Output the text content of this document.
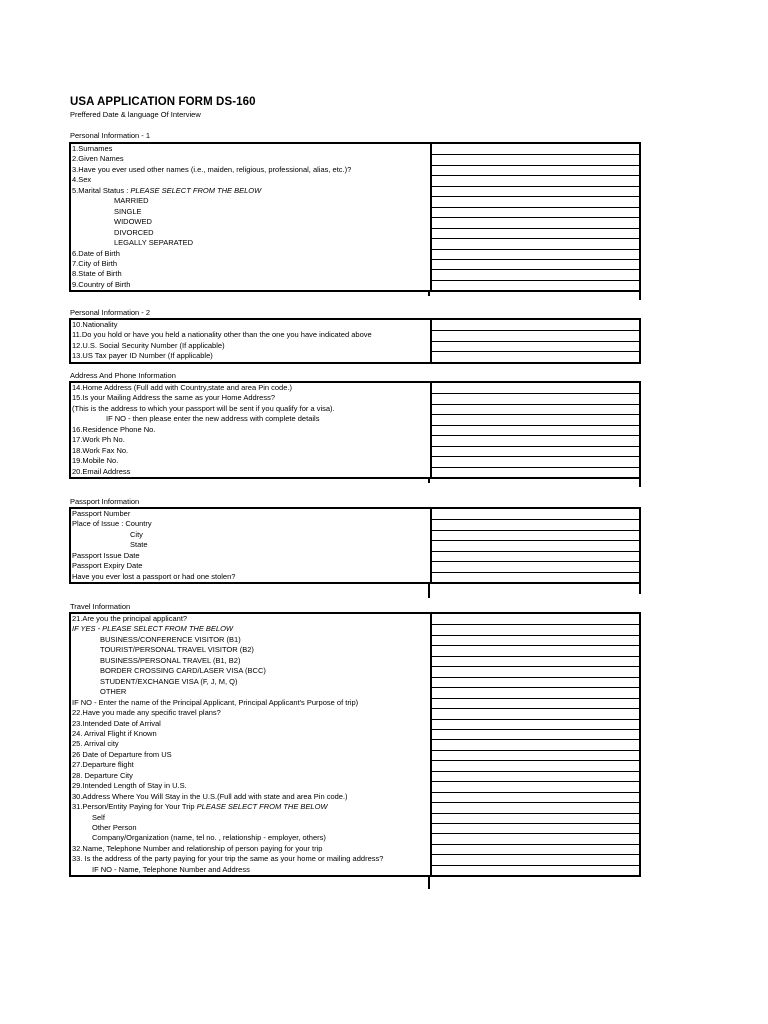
USA APPLICATION FORM DS-160
Preffered Date & language Of Interview
Personal Information - 1
1.Surnames
2.Given Names
3.Have you ever used other names (i.e., maiden, religious, professional, alias, etc.)?
4.Sex
5.Marital Status : PLEASE SELECT FROM THE BELOW
MARRIED
SINGLE
WIDOWED
DIVORCED
LEGALLY SEPARATED
6.Date of Birth
7.City of Birth
8.State of Birth
9.Country of Birth
Personal Information - 2
10.Nationality
11.Do you hold or have you held a nationality other than the one you have indicated above
12.U.S. Social Security Number (If applicable)
13.US Tax payer ID Number (If applicable)
Address And Phone Information
14.Home Address (Full add with Country,state and area Pin code.)
15.Is your Mailing Address the same as your Home Address?
(This is the address to which your passport will be sent if you qualify for a visa).
IF NO - then please enter the new address with complete details
16.Residence Phone No.
17.Work Ph No.
18.Work Fax No.
19.Mobile No.
20.Email Address
Passport Information
Passport Number
Place of Issue : Country
City
State
Passport Issue Date
Passport Expiry Date
Have you ever lost a passport or had one stolen?
Travel Information
21.Are you the principal applicant?
IF YES - PLEASE SELECT FROM THE BELOW
BUSINESS/CONFERENCE VISITOR (B1)
TOURIST/PERSONAL TRAVEL VISITOR (B2)
BUSINESS/PERSONAL TRAVEL (B1, B2)
BORDER CROSSING CARD/LASER VISA (BCC)
STUDENT/EXCHANGE VISA (F, J, M, Q)
OTHER
IF NO - Enter the name of the Principal Applicant, Principal Applicant's Purpose of trip)
22.Have you made any specific travel plans?
23.Intended Date of Arrival
24. Arrival Flight if Known
25. Arrival city
26 Date of Departure from US
27.Departure flight
28. Departure City
29.Intended Length of Stay in U.S.
30.Address Where You Will Stay in the U.S.(Full add with state and area Pin code.)
31.Person/Entity Paying for Your Trip PLEASE SELECT FROM THE BELOW
Self
Other Person
Company/Organization (name, tel no. , relationship - employer, others)
32.Name, Telephone Number and relationship of person paying for your trip
33. Is the address of the party paying for your trip the same as your home or mailing address?
IF NO - Name, Telephone Number and Address
